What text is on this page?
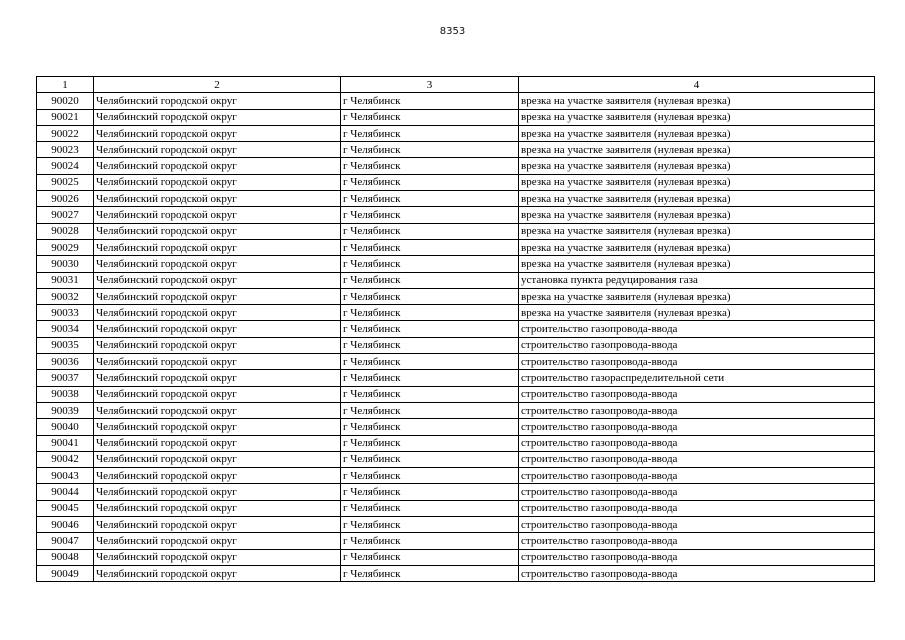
8353
1	2	3	4
90020	Челябинский городской округ	г Челябинск	врезка на участке заявителя (нулевая врезка)
90021	Челябинский городской округ	г Челябинск	врезка на участке заявителя (нулевая врезка)
90022	Челябинский городской округ	г Челябинск	врезка на участке заявителя (нулевая врезка)
90023	Челябинский городской округ	г Челябинск	врезка на участке заявителя (нулевая врезка)
90024	Челябинский городской округ	г Челябинск	врезка на участке заявителя (нулевая врезка)
90025	Челябинский городской округ	г Челябинск	врезка на участке заявителя (нулевая врезка)
90026	Челябинский городской округ	г Челябинск	врезка на участке заявителя (нулевая врезка)
90027	Челябинский городской округ	г Челябинск	врезка на участке заявителя (нулевая врезка)
90028	Челябинский городской округ	г Челябинск	врезка на участке заявителя (нулевая врезка)
90029	Челябинский городской округ	г Челябинск	врезка на участке заявителя (нулевая врезка)
90030	Челябинский городской округ	г Челябинск	врезка на участке заявителя (нулевая врезка)
90031	Челябинский городской округ	г Челябинск	установка пункта редуцирования газа
90032	Челябинский городской округ	г Челябинск	врезка на участке заявителя (нулевая врезка)
90033	Челябинский городской округ	г Челябинск	врезка на участке заявителя (нулевая врезка)
90034	Челябинский городской округ	г Челябинск	строительство газопровода-ввода
90035	Челябинский городской округ	г Челябинск	строительство газопровода-ввода
90036	Челябинский городской округ	г Челябинск	строительство газопровода-ввода
90037	Челябинский городской округ	г Челябинск	строительство газораспределительной сети
90038	Челябинский городской округ	г Челябинск	строительство газопровода-ввода
90039	Челябинский городской округ	г Челябинск	строительство газопровода-ввода
90040	Челябинский городской округ	г Челябинск	строительство газопровода-ввода
90041	Челябинский городской округ	г Челябинск	строительство газопровода-ввода
90042	Челябинский городской округ	г Челябинск	строительство газопровода-ввода
90043	Челябинский городской округ	г Челябинск	строительство газопровода-ввода
90044	Челябинский городской округ	г Челябинск	строительство газопровода-ввода
90045	Челябинский городской округ	г Челябинск	строительство газопровода-ввода
90046	Челябинский городской округ	г Челябинск	строительство газопровода-ввода
90047	Челябинский городской округ	г Челябинск	строительство газопровода-ввода
90048	Челябинский городской округ	г Челябинск	строительство газопровода-ввода
90049	Челябинский городской округ	г Челябинск	строительство газопровода-ввода
